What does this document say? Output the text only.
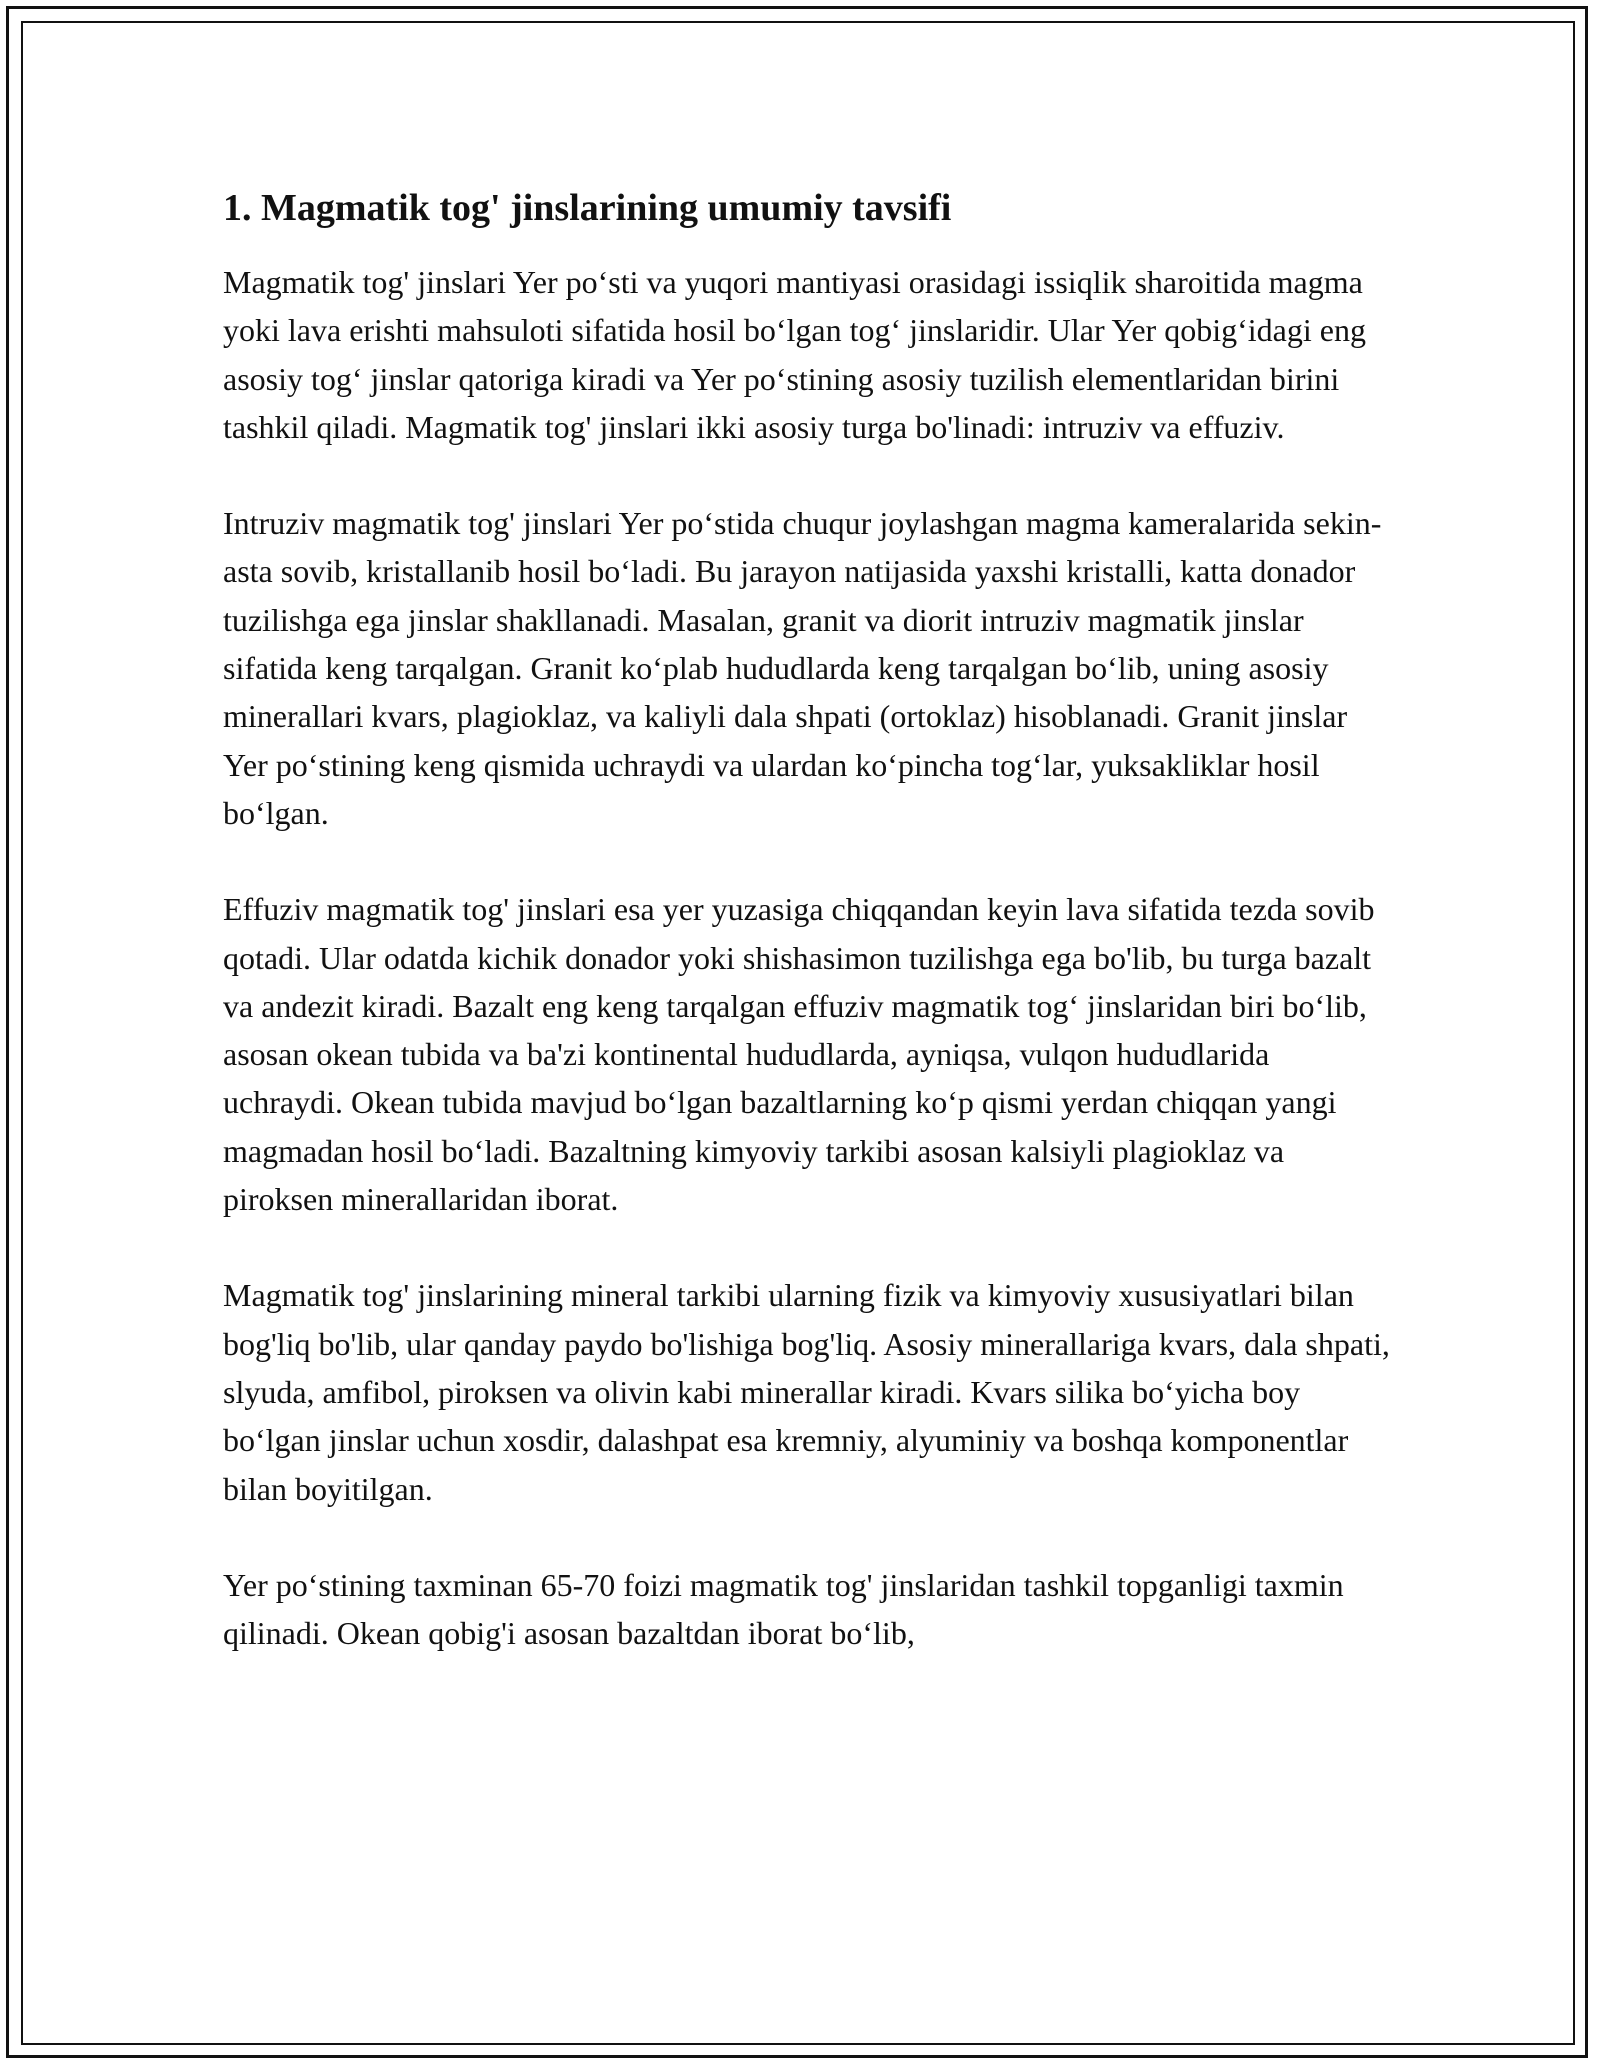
1. Magmatik tog' jinslarining umumiy tavsifi

Magmatik tog' jinslari Yer po‘sti va yuqori mantiyasi orasidagi issiqlik sharoitida magma yoki lava erishti mahsuloti sifatida hosil bo‘lgan tog‘ jinslaridir. Ular Yer qobig‘idagi eng asosiy tog‘ jinslar qatoriga kiradi va Yer po‘stining asosiy tuzilish elementlaridan birini tashkil qiladi. Magmatik tog' jinslari ikki asosiy turga bo'linadi: intruziv va effuziv.

Intruziv magmatik tog' jinslari Yer po‘stida chuqur joylashgan magma kameralarida sekin-asta sovib, kristallanib hosil bo‘ladi. Bu jarayon natijasida yaxshi kristalli, katta donador tuzilishga ega jinslar shakllanadi. Masalan, granit va diorit intruziv magmatik jinslar sifatida keng tarqalgan. Granit ko‘plab hududlarda keng tarqalgan bo‘lib, uning asosiy minerallari kvars, plagioklaz, va kaliyli dala shpati (ortoklaz) hisoblanadi. Granit jinslar Yer po‘stining keng qismida uchraydi va ulardan ko‘pincha tog‘lar, yuksakliklar hosil bo‘lgan.

Effuziv magmatik tog' jinslari esa yer yuzasiga chiqqandan keyin lava sifatida tezda sovib qotadi. Ular odatda kichik donador yoki shishasimon tuzilishga ega bo'lib, bu turga bazalt va andezit kiradi. Bazalt eng keng tarqalgan effuziv magmatik tog‘ jinslaridan biri bo‘lib, asosan okean tubida va ba'zi kontinental hududlarda, ayniqsa, vulqon hududlarida uchraydi. Okean tubida mavjud bo‘lgan bazaltlarning ko‘p qismi yerdan chiqqan yangi magmadan hosil bo‘ladi. Bazaltning kimyoviy tarkibi asosan kalsiyli plagioklaz va piroksen minerallaridan iborat.

Magmatik tog' jinslarining mineral tarkibi ularning fizik va kimyoviy xususiyatlari bilan bog'liq bo'lib, ular qanday paydo bo'lishiga bog'liq. Asosiy minerallariga kvars, dala shpati, slyuda, amfibol, piroksen va olivin kabi minerallar kiradi. Kvars silika bo‘yicha boy bo‘lgan jinslar uchun xosdir, dalashpat esa kremniy, alyuminiy va boshqa komponentlar bilan boyitilgan.

Yer po‘stining taxminan 65-70 foizi magmatik tog' jinslaridan tashkil topganligi taxmin qilinadi. Okean qobig'i asosan bazaltdan iborat bo‘lib,
